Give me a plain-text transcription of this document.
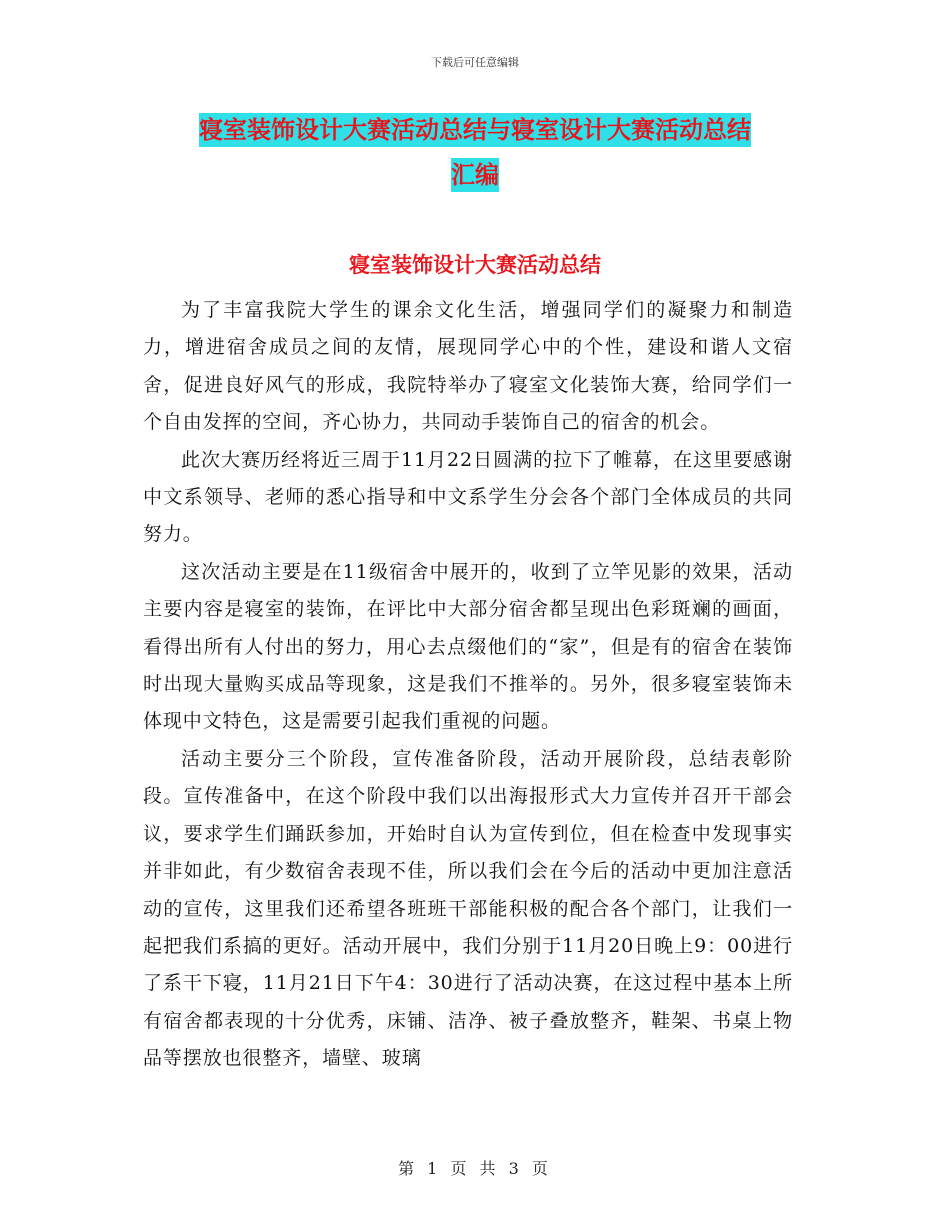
下载后可任意编辑
寝室装饰设计大赛活动总结与寝室设计大赛活动总结
汇编
寝室装饰设计大赛活动总结

为了丰富我院大学生的课余文化生活，增强同学们的凝聚力和制造力，增进宿舍成员之间的友情，展现同学心中的个性，建设和谐人文宿舍，促进良好风气的形成，我院特举办了寝室文化装饰大赛，给同学们一个自由发挥的空间，齐心协力，共同动手装饰自己的宿舍的机会。

此次大赛历经将近三周于11月22日圆满的拉下了帷幕，在这里要感谢中文系领导、老师的悉心指导和中文系学生分会各个部门全体成员的共同努力。

这次活动主要是在11级宿舍中展开的，收到了立竿见影的效果，活动主要内容是寝室的装饰，在评比中大部分宿舍都呈现出色彩斑斓的画面，看得出所有人付出的努力，用心去点缀他们的“家”，但是有的宿舍在装饰时出现大量购买成品等现象，这是我们不推举的。另外，很多寝室装饰未体现中文特色，这是需要引起我们重视的问题。

活动主要分三个阶段，宣传准备阶段，活动开展阶段，总结表彰阶段。宣传准备中，在这个阶段中我们以出海报形式大力宣传并召开干部会议，要求学生们踊跃参加，开始时自认为宣传到位，但在检查中发现事实并非如此，有少数宿舍表现不佳，所以我们会在今后的活动中更加注意活动的宣传，这里我们还希望各班班干部能积极的配合各个部门，让我们一起把我们系搞的更好。活动开展中，我们分别于11月20日晚上9：00进行了系干下寝，11月21日下午4：30进行了活动决赛，在这过程中基本上所有宿舍都表现的十分优秀，床铺、洁净、被子叠放整齐，鞋架、书桌上物品等摆放也很整齐，墙壁、玻璃

第 1 页 共 3 页
